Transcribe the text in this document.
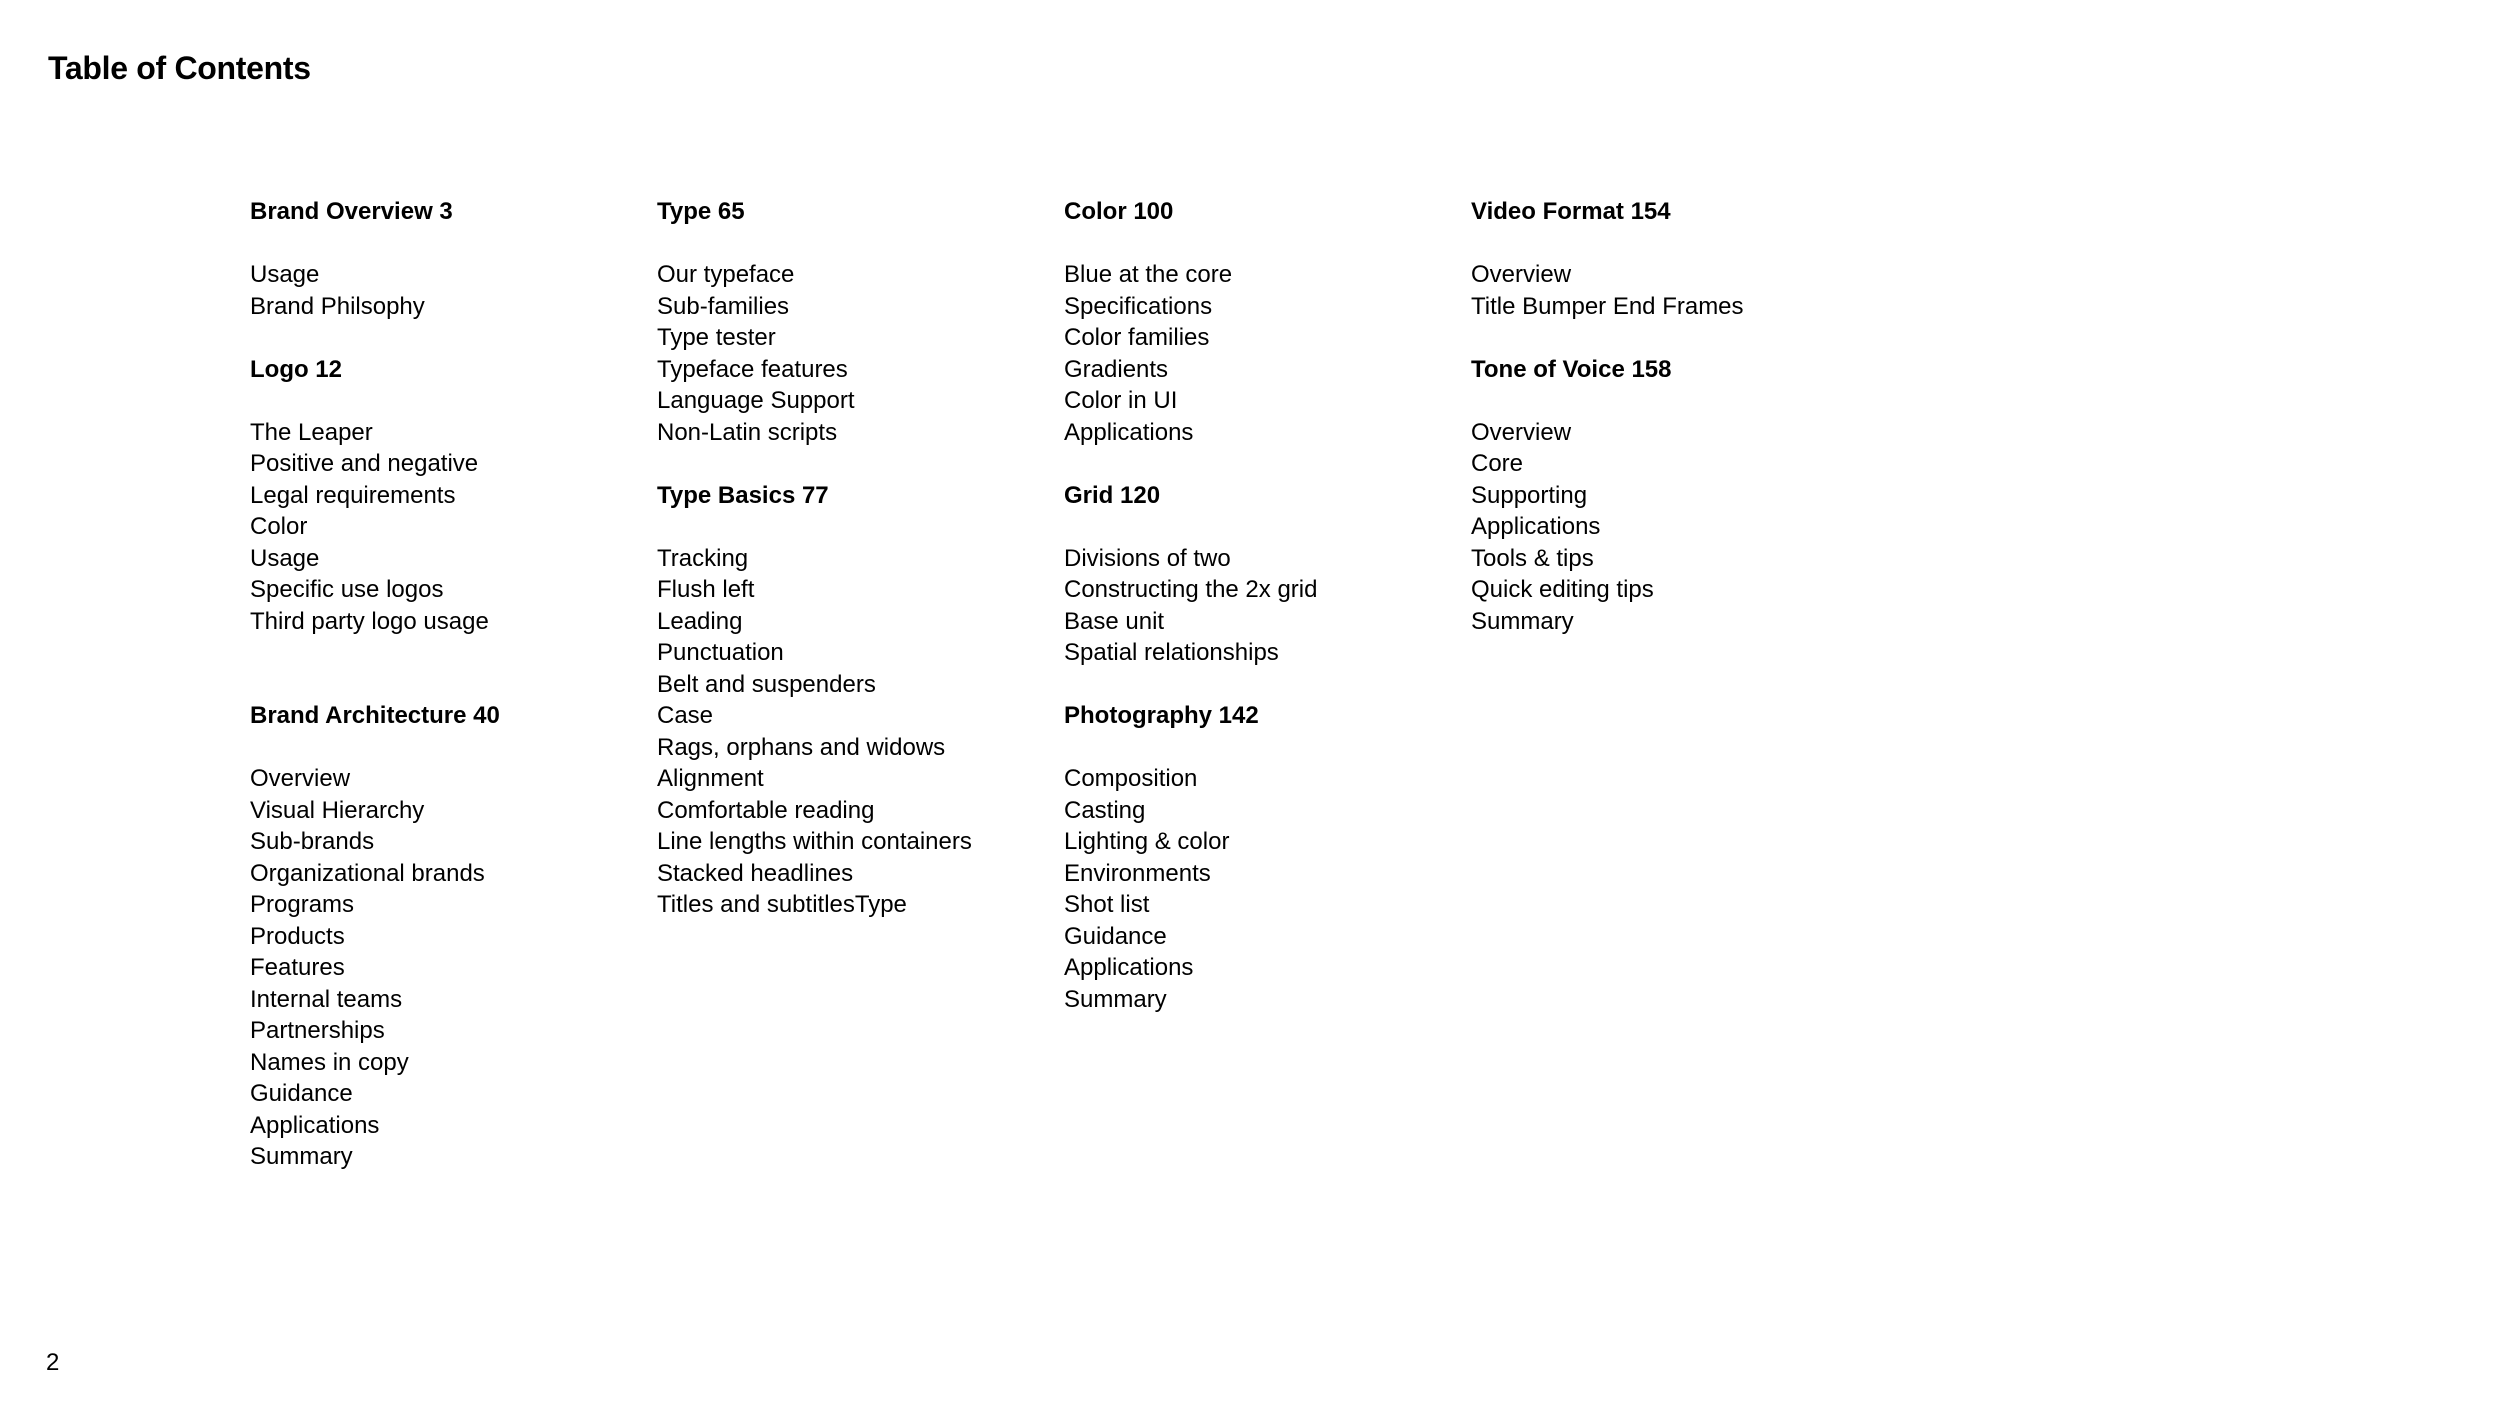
Table of Contents
Brand Overview 3
Usage
Brand Philsophy
Logo 12
The Leaper
Positive and negative
Legal requirements
Color
Usage
Specific use logos
Third party logo usage
Brand Architecture 40
Overview
Visual Hierarchy
Sub-brands
Organizational brands
Programs
Products
Features
Internal teams
Partnerships
Names in copy
Guidance
Applications
Summary
Type 65
Our typeface
Sub-families
Type tester
Typeface features
Language Support
Non-Latin scripts
Type Basics 77
Tracking
Flush left
Leading
Punctuation
Belt and suspenders
Case
Rags, orphans and widows
Alignment
Comfortable reading
Line lengths within containers
Stacked headlines
Titles and subtitlesType
Color 100
Blue at the core
Specifications
Color families
Gradients
Color in UI
Applications
Grid 120
Divisions of two
Constructing the 2x grid
Base unit
Spatial relationships
Photography 142
Composition
Casting
Lighting & color
Environments
Shot list
Guidance
Applications
Summary
Video Format 154
Overview
Title Bumper End Frames
Tone of Voice 158
Overview
Core
Supporting
Applications
Tools & tips
Quick editing tips
Summary
2
